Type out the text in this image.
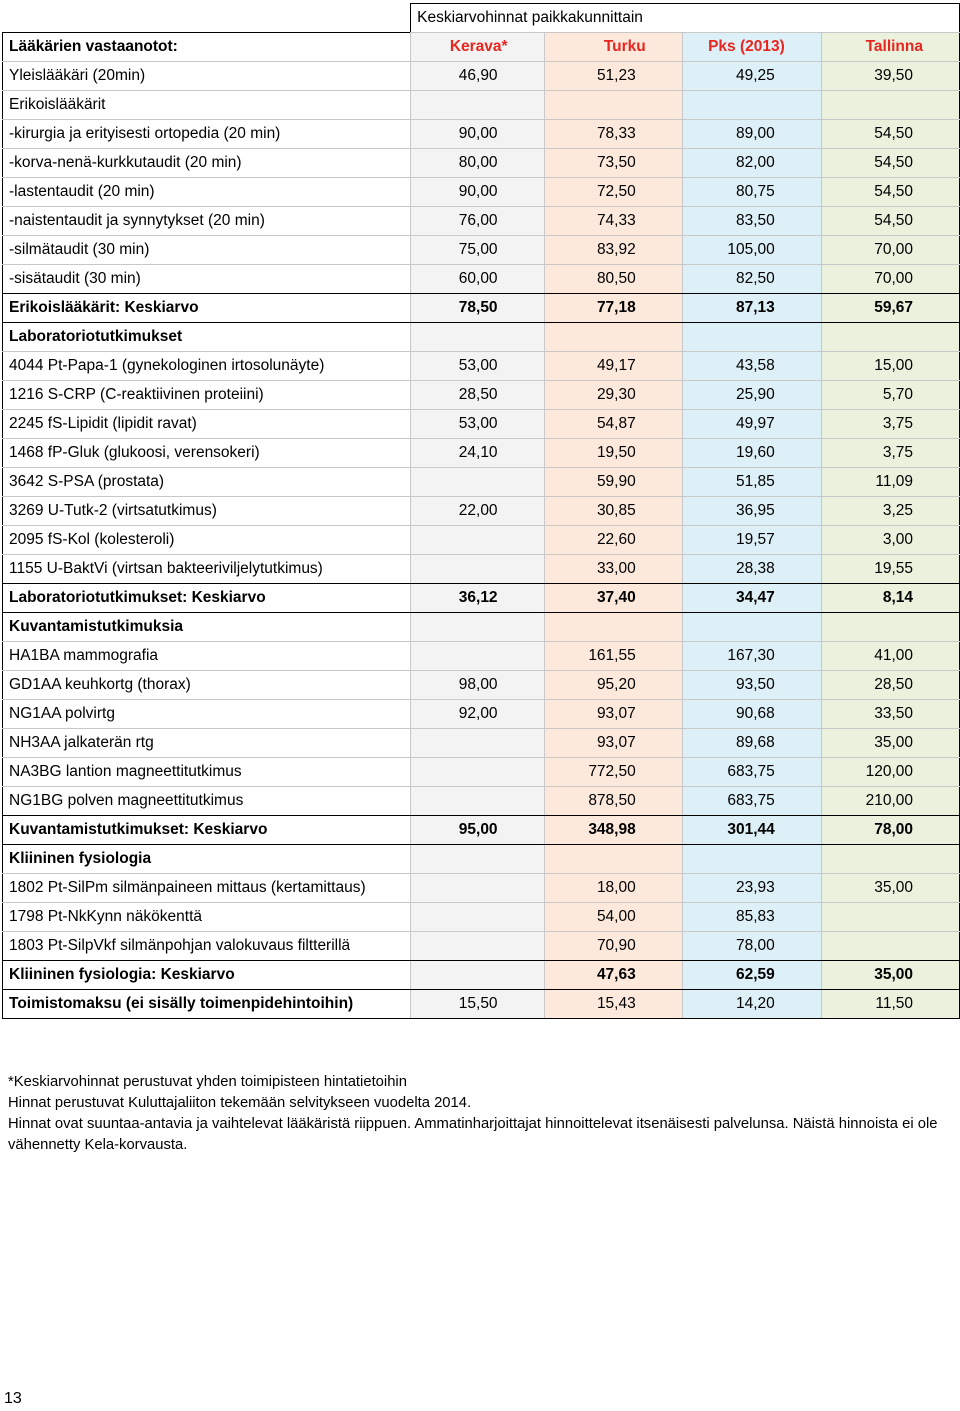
	Keskiarvohinnat paikkakunnittain			
Lääkärien vastaanotot:	Kerava*	Turku	Pks (2013)	Tallinna
Yleislääkäri (20min)	46,90	51,23	49,25	39,50
Erikoislääkärit				
-kirurgia ja erityisesti ortopedia (20 min)	90,00	78,33	89,00	54,50
-korva-nenä-kurkkutaudit (20 min)	80,00	73,50	82,00	54,50
-lastentaudit (20 min)	90,00	72,50	80,75	54,50
-naistentaudit ja synnytykset (20 min)	76,00	74,33	83,50	54,50
-silmätaudit (30 min)	75,00	83,92	105,00	70,00
-sisätaudit (30 min)	60,00	80,50	82,50	70,00
Erikoislääkärit: Keskiarvo	78,50	77,18	87,13	59,67
Laboratoriotutkimukset				
4044 Pt-Papa-1 (gynekologinen irtosolunäyte)	53,00	49,17	43,58	15,00
1216 S-CRP (C-reaktiivinen proteiini)	28,50	29,30	25,90	5,70
2245 fS-Lipidit (lipidit ravat)	53,00	54,87	49,97	3,75
1468 fP-Gluk (glukoosi, verensokeri)	24,10	19,50	19,60	3,75
3642 S-PSA (prostata)		59,90	51,85	11,09
3269 U-Tutk-2 (virtsatutkimus)	22,00	30,85	36,95	3,25
2095 fS-Kol (kolesteroli)		22,60	19,57	3,00
1155 U-BaktVi (virtsan bakteeriviljelytutkimus)		33,00	28,38	19,55
Laboratoriotutkimukset: Keskiarvo	36,12	37,40	34,47	8,14
Kuvantamistutkimuksia				
HA1BA mammografia		161,55	167,30	41,00
GD1AA keuhkortg (thorax)	98,00	95,20	93,50	28,50
NG1AA polvirtg	92,00	93,07	90,68	33,50
NH3AA jalkaterän rtg		93,07	89,68	35,00
NA3BG lantion magneettitutkimus		772,50	683,75	120,00
NG1BG polven magneettitutkimus		878,50	683,75	210,00
Kuvantamistutkimukset: Keskiarvo	95,00	348,98	301,44	78,00
Kliininen fysiologia				
1802 Pt-SilPm silmänpaineen mittaus (kertamittaus)		18,00	23,93	35,00
1798 Pt-NkKynn näkökenttä		54,00	85,83	
1803 Pt-SilpVkf silmänpohjan valokuvaus filtterillä		70,90	78,00	
Kliininen fysiologia: Keskiarvo		47,63	62,59	35,00
Toimistomaksu (ei sisälly toimenpidehintoihin)	15,50	15,43	14,20	11,50
*Keskiarvohinnat perustuvat yhden toimipisteen hintatietoihin
Hinnat perustuvat Kuluttajaliiton tekemään selvitykseen vuodelta 2014.
Hinnat ovat suuntaa-antavia ja vaihtelevat lääkäristä riippuen. Ammatinharjoittajat hinnoittelevat itsenäisesti palvelunsa. Näistä hinnoista ei ole vähennetty Kela-korvausta.
13
